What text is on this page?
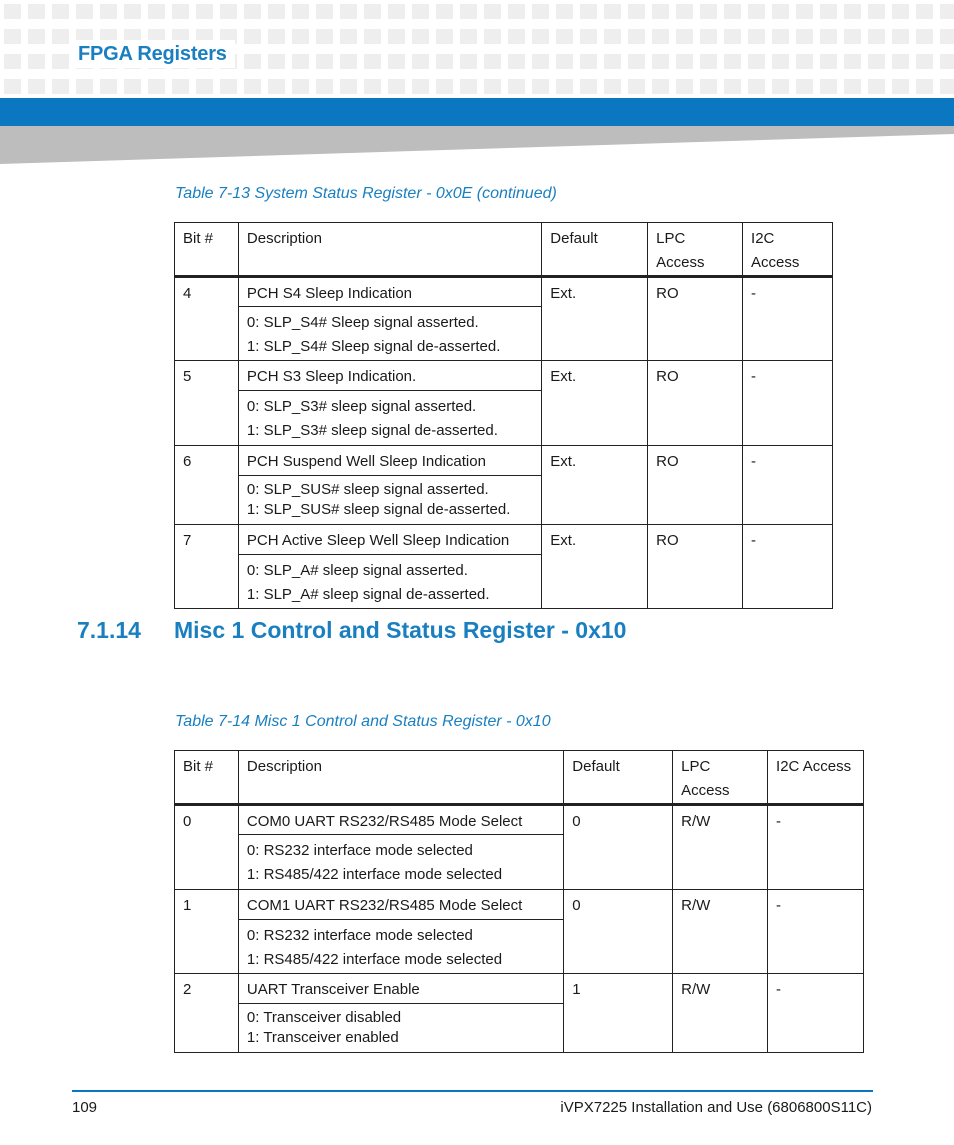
FPGA Registers
Table 7-13 System Status Register - 0x0E (continued)
Bit #	Description	Default	LPC Access	I2C Access
4	PCH S4 Sleep Indication	Ext.	RO	-

	0: SLP_S4# Sleep signal asserted.
1: SLP_S4# Sleep signal de-asserted.			

5	PCH S3 Sleep Indication.	Ext.	RO	-

	0: SLP_S3# sleep signal asserted.
1: SLP_S3# sleep signal de-asserted.			

6	PCH Suspend Well Sleep Indication	Ext.	RO	-

	0: SLP_SUS# sleep signal asserted.
1: SLP_SUS# sleep signal de-asserted.			

7	PCH Active Sleep Well Sleep Indication	Ext.	RO	-

	0: SLP_A# sleep signal asserted.
1: SLP_A# sleep signal de-asserted.			
7.1.14 Misc 1 Control and Status Register - 0x10
Table 7-14 Misc 1 Control and Status Register - 0x10
Bit #	Description	Default	LPC Access	I2C Access
0	COM0 UART RS232/RS485 Mode Select	0	R/W	-

	0: RS232 interface mode selected
1: RS485/422 interface mode selected			

1	COM1 UART RS232/RS485 Mode Select	0	R/W	-

	0: RS232 interface mode selected
1: RS485/422 interface mode selected			

2	UART Transceiver Enable	1	R/W	-

	0: Transceiver disabled
1: Transceiver enabled			
109	iVPX7225 Installation and Use (6806800S11C)
